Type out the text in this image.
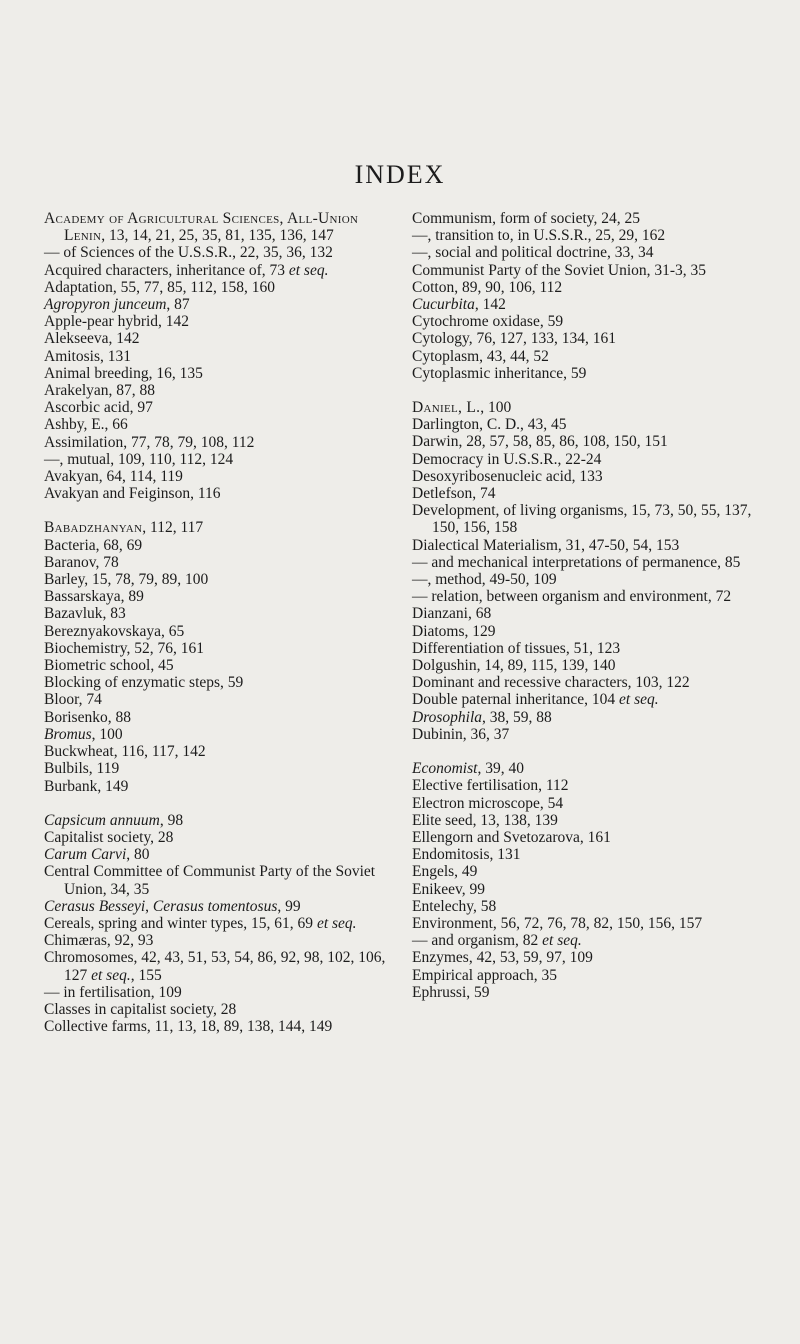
INDEX
Academy of Agricultural Sciences, All-Union Lenin, 13, 14, 21, 25, 35, 81, 135, 136, 147
— of Sciences of the U.S.S.R., 22, 35, 36, 132
Acquired characters, inheritance of, 73 et seq.
Adaptation, 55, 77, 85, 112, 158, 160
Agropyron junceum, 87
Apple-pear hybrid, 142
Alekseeva, 142
Amitosis, 131
Animal breeding, 16, 135
Arakelyan, 87, 88
Ascorbic acid, 97
Ashby, E., 66
Assimilation, 77, 78, 79, 108, 112
—, mutual, 109, 110, 112, 124
Avakyan, 64, 114, 119
Avakyan and Feiginson, 116
Babadzhanyan, 112, 117
Bacteria, 68, 69
Baranov, 78
Barley, 15, 78, 79, 89, 100
Bassarskaya, 89
Bazavluk, 83
Bereznyakovskaya, 65
Biochemistry, 52, 76, 161
Biometric school, 45
Blocking of enzymatic steps, 59
Bloor, 74
Borisenko, 88
Bromus, 100
Buckwheat, 116, 117, 142
Bulbils, 119
Burbank, 149
Capsicum annuum, 98
Capitalist society, 28
Carum Carvi, 80
Central Committee of Communist Party of the Soviet Union, 34, 35
Cerasus Besseyi, Cerasus tomentosus, 99
Cereals, spring and winter types, 15, 61, 69 et seq.
Chimæras, 92, 93
Chromosomes, 42, 43, 51, 53, 54, 86, 92, 98, 102, 106, 127 et seq., 155
— in fertilisation, 109
Classes in capitalist society, 28
Collective farms, 11, 13, 18, 89, 138, 144, 149
Communism, form of society, 24, 25
—, transition to, in U.S.S.R., 25, 29, 162
—, social and political doctrine, 33, 34
Communist Party of the Soviet Union, 31-3, 35
Cotton, 89, 90, 106, 112
Cucurbita, 142
Cytochrome oxidase, 59
Cytology, 76, 127, 133, 134, 161
Cytoplasm, 43, 44, 52
Cytoplasmic inheritance, 59
Daniel, L., 100
Darlington, C. D., 43, 45
Darwin, 28, 57, 58, 85, 86, 108, 150, 151
Democracy in U.S.S.R., 22-24
Desoxyribosenucleic acid, 133
Detlefson, 74
Development, of living organisms, 15, 73, 50, 55, 137, 150, 156, 158
Dialectical Materialism, 31, 47-50, 54, 153
— and mechanical interpretations of permanence, 85
—, method, 49-50, 109
— relation, between organism and environment, 72
Dianzani, 68
Diatoms, 129
Differentiation of tissues, 51, 123
Dolgushin, 14, 89, 115, 139, 140
Dominant and recessive characters, 103, 122
Double paternal inheritance, 104 et seq.
Drosophila, 38, 59, 88
Dubinin, 36, 37
Economist, 39, 40
Elective fertilisation, 112
Electron microscope, 54
Elite seed, 13, 138, 139
Ellengorn and Svetozarova, 161
Endomitosis, 131
Engels, 49
Enikeev, 99
Entelechy, 58
Environment, 56, 72, 76, 78, 82, 150, 156, 157
— and organism, 82 et seq.
Enzymes, 42, 53, 59, 97, 109
Empirical approach, 35
Ephrussi, 59
